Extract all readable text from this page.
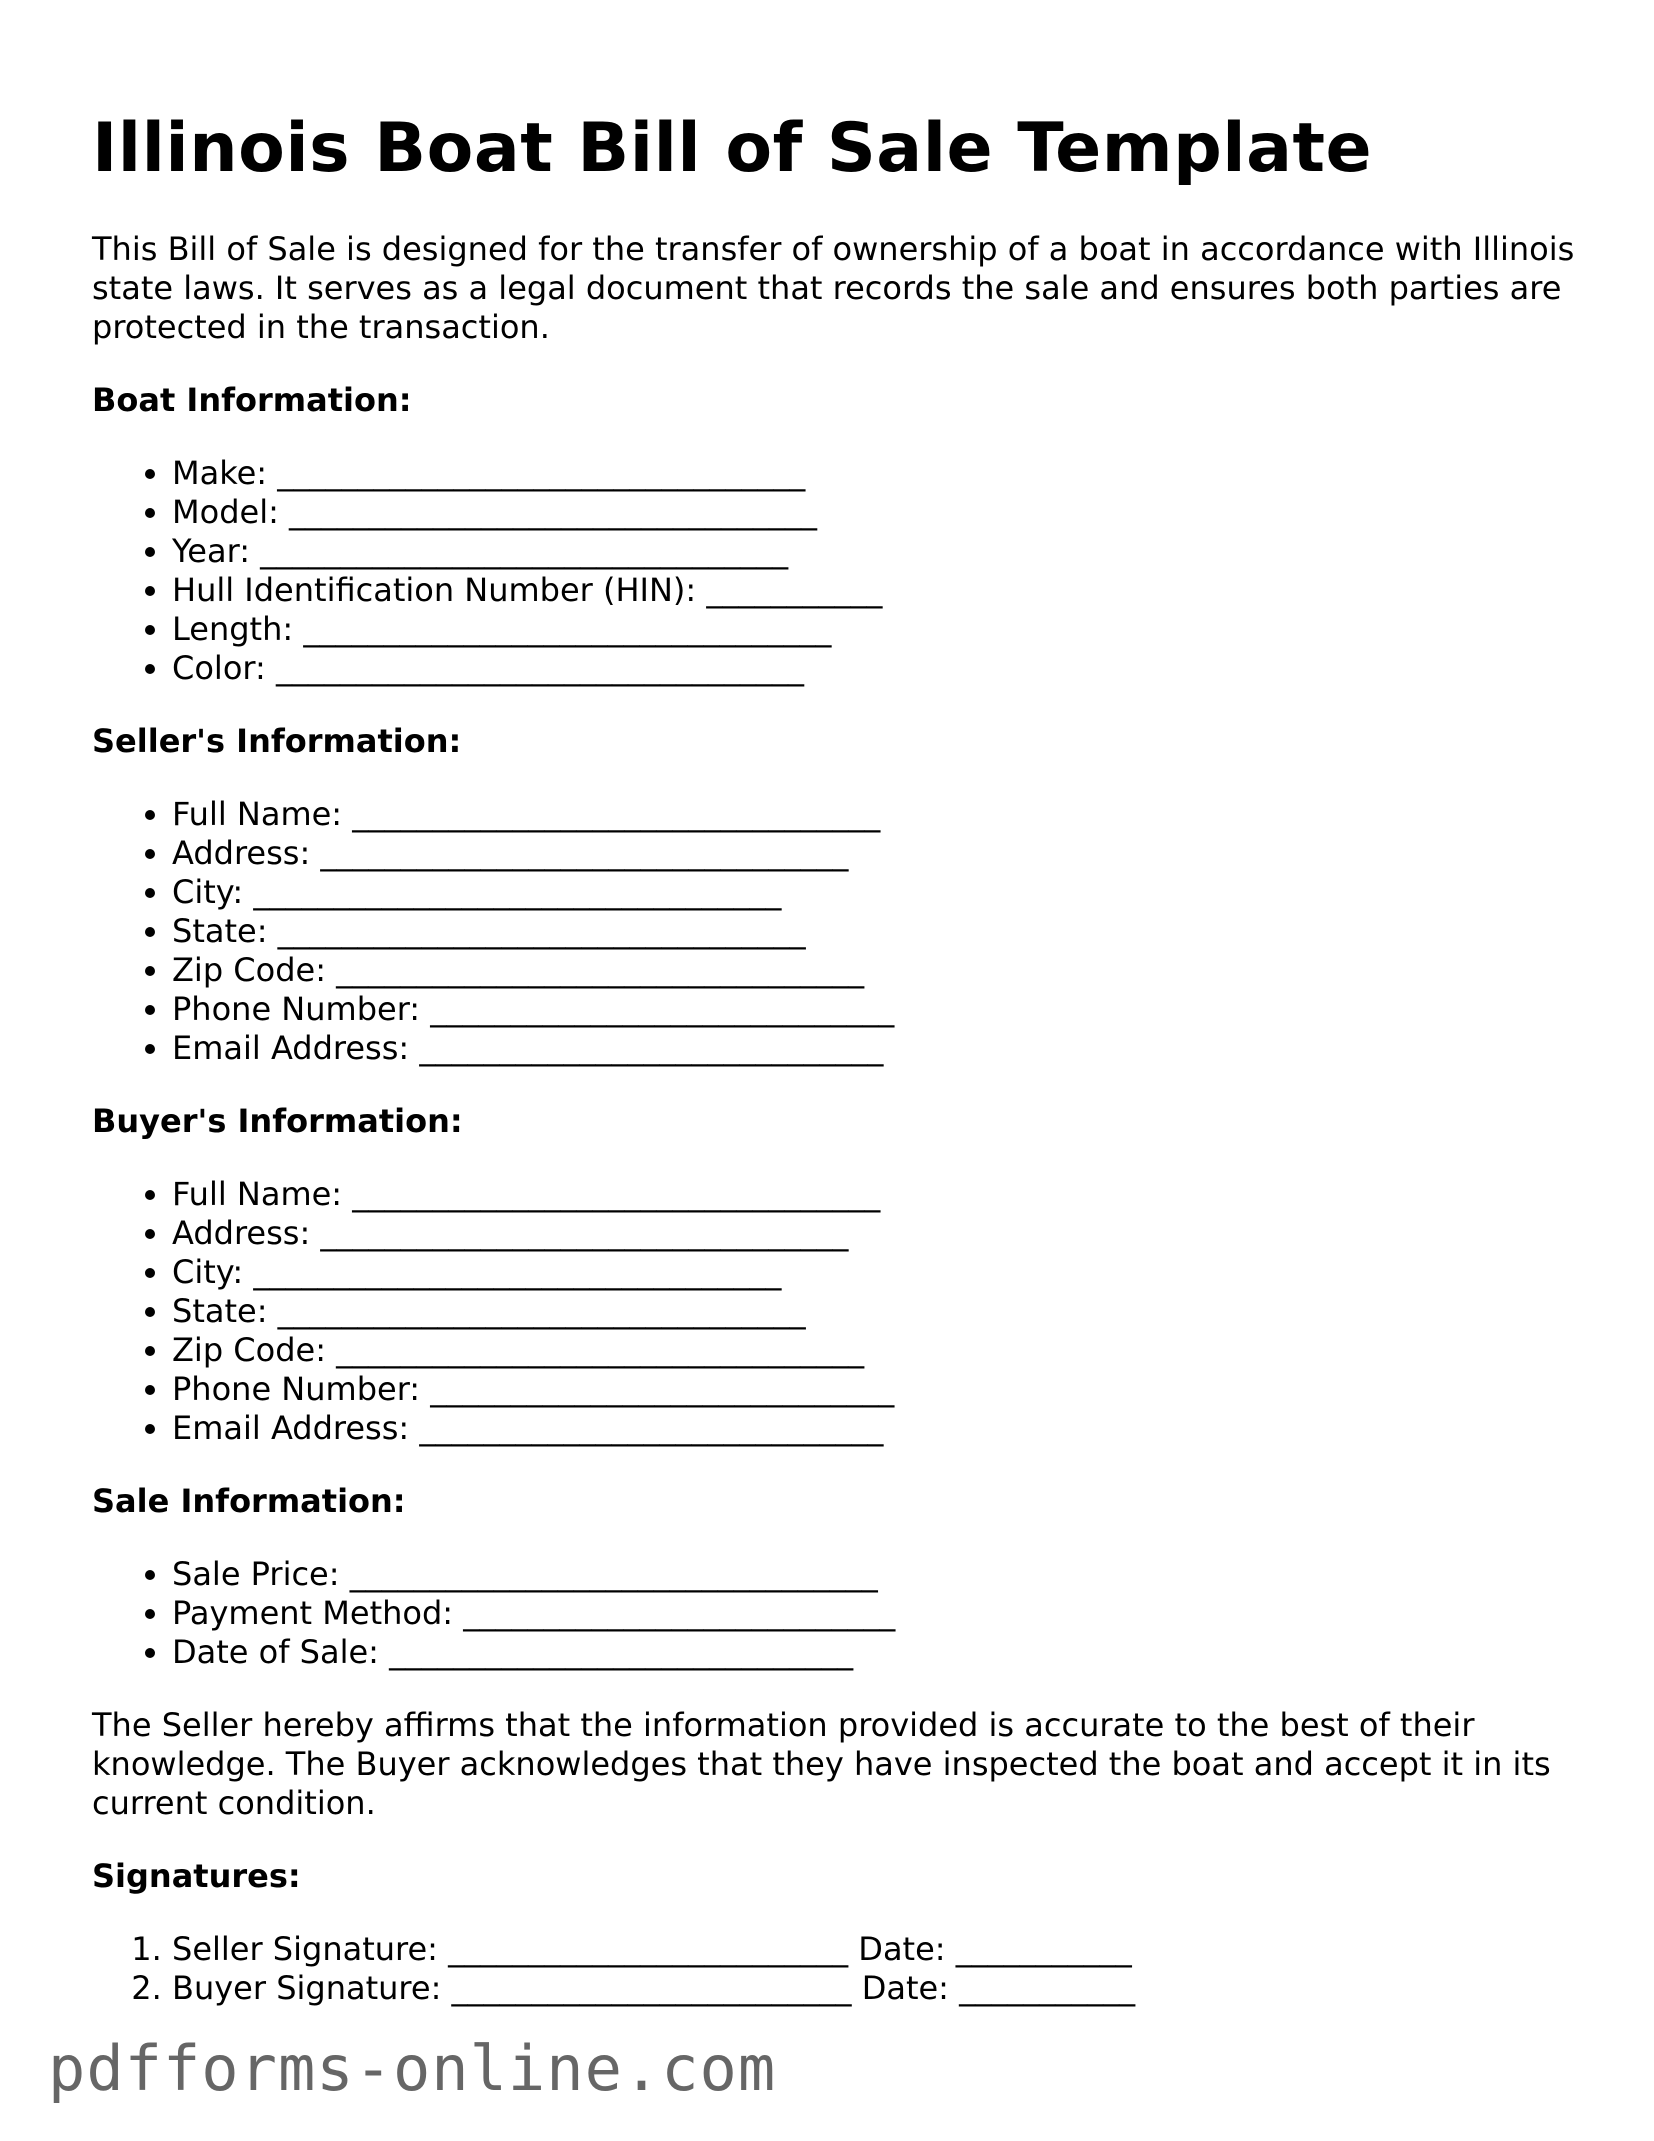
Illinois Boat Bill of Sale Template

This Bill of Sale is designed for the transfer of ownership of a boat in accordance with Illinois state laws. It serves as a legal document that records the sale and ensures both parties are protected in the transaction.

Boat Information:
• Make: _________________________________
• Model: _________________________________
• Year: _________________________________
• Hull Identification Number (HIN): ___________
• Length: _________________________________
• Color: _________________________________
Seller's Information:
• Full Name: _________________________________
• Address: _________________________________
• City: _________________________________
• State: _________________________________
• Zip Code: _________________________________
• Phone Number: _____________________________
• Email Address: _____________________________
Buyer's Information:
• Full Name: _________________________________
• Address: _________________________________
• City: _________________________________
• State: _________________________________
• Zip Code: _________________________________
• Phone Number: _____________________________
• Email Address: _____________________________
Sale Information:
• Sale Price: _________________________________
• Payment Method: ___________________________
• Date of Sale: _____________________________

The Seller hereby affirms that the information provided is accurate to the best of their knowledge. The Buyer acknowledges that they have inspected the boat and accept it in its current condition.

Signatures:
1. Seller Signature: _________________________ Date: ___________
2. Buyer Signature: _________________________ Date: ___________
pdfforms-online.com
